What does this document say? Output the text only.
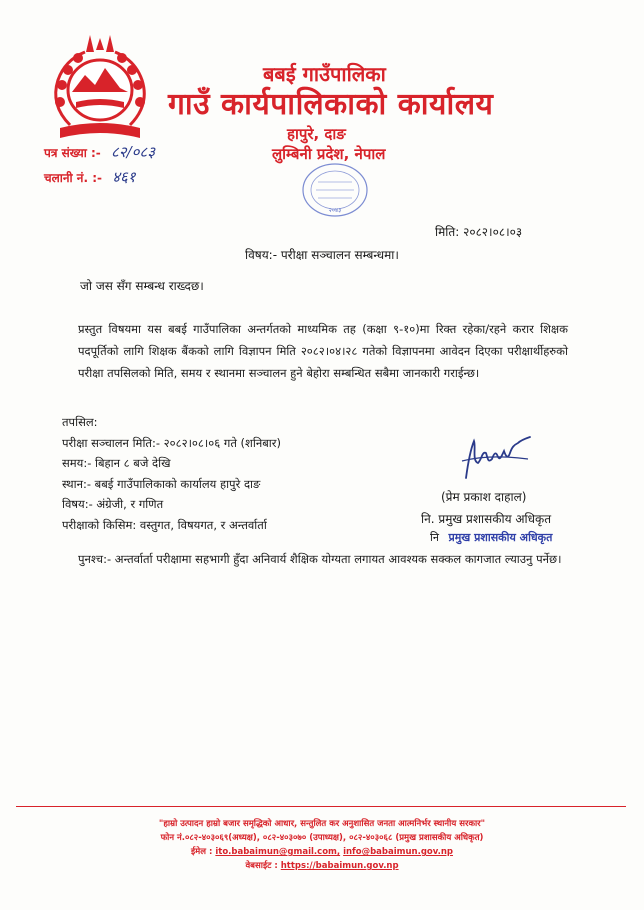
बबई गाउँपालिका
गाउँ कार्यपालिकाको कार्यालय
हापुरे, दाङ
लुम्बिनी प्रदेश, नेपाल
पत्र संख्या :- ८२/०८३
चलानी नं. :- ४६१
२०४३
मिति: २०८२।०८।०३
विषय:- परीक्षा सञ्चालन सम्बन्धमा।
जो जस सँग सम्बन्ध राख्दछ।
प्रस्तुत विषयमा यस बबई गाउँपालिका अन्तर्गतको माध्यमिक तह (कक्षा ९-१०)मा रिक्त रहेका/रहने करार शिक्षक पदपूर्तिको लागि शिक्षक बैंकको लागि विज्ञापन मिति २०८२।०४।२८ गतेको विज्ञापनमा आवेदन दिएका परीक्षार्थीहरुको परीक्षा तपसिलको मिति, समय र स्थानमा सञ्चालन हुने बेहोरा सम्बन्धित सबैमा जानकारी गराईन्छ।
तपसिल:
परीक्षा सञ्चालन मिति:- २०८२।०८।०६ गते (शनिबार)
समय:- बिहान ८ बजे देखि
स्थान:- बबई गाउँपालिकाको कार्यालय हापुरे दाङ
विषय:- अंग्रेजी, र गणित
परीक्षाको किसिम: वस्तुगत, विषयगत, र अन्तर्वार्ता
(प्रेम प्रकाश दाहाल)
नि. प्रमुख प्रशासकीय अधिकृत
नि प्रमुख प्रशासकीय अधिकृत
पुनश्च:- अन्तर्वार्ता परीक्षामा सहभागी हुँदा अनिवार्य शैक्षिक योग्यता लगायत आवश्यक सक्कल कागजात ल्याउनु पर्नेछ।
"हाम्रो उत्पादन हाम्रो बजार समृद्धिको आधार, सन्तुलित कर अनुशासित जनता आत्मनिर्भर स्थानीय सरकार"
फोन नं.०८२-४०३०६९(अध्यक्ष), ०८२-४०३०७० (उपाध्यक्ष), ०८२-४०३०६८ (प्रमुख प्रशासकीय अधिकृत)
ईमेल : ito.babaimun@gmail.com, info@babaimun.gov.np
वेबसाईट : https://babaimun.gov.np
